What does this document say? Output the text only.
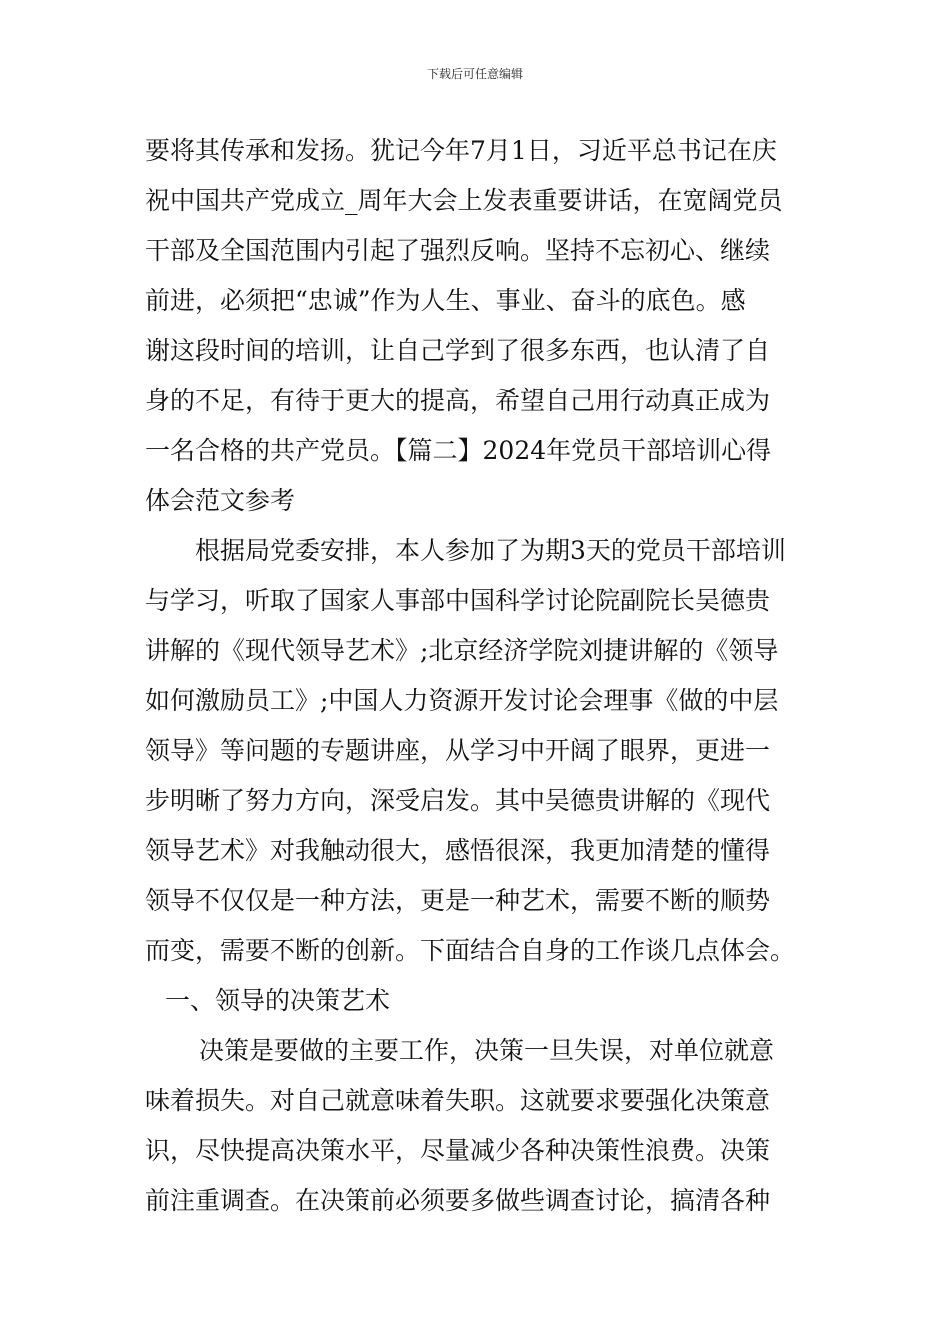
下载后可任意编辑
要将其传承和发扬。犹记今年7月1日，习近平总书记在庆
祝中国共产党成立_周年大会上发表重要讲话，在宽阔党员
干部及全国范围内引起了强烈反响。坚持不忘初心、继续
前进，必须把“忠诚”作为人生、事业、奋斗的底色。感
谢这段时间的培训，让自己学到了很多东西，也认清了自
身的不足，有待于更大的提高，希望自己用行动真正成为
一名合格的共产党员。【篇二】2024年党员干部培训心得
体会范文参考
根据局党委安排，本人参加了为期3天的党员干部培训
与学习，听取了国家人事部中国科学讨论院副院长吴德贵
讲解的《现代领导艺术》;北京经济学院刘捷讲解的《领导
如何激励员工》;中国人力资源开发讨论会理事《做的中层
领导》等问题的专题讲座，从学习中开阔了眼界，更进一
步明晰了努力方向，深受启发。其中吴德贵讲解的《现代
领导艺术》对我触动很大，感悟很深，我更加清楚的懂得
领导不仅仅是一种方法，更是一种艺术，需要不断的顺势
而变，需要不断的创新。下面结合自身的工作谈几点体会。
一、领导的决策艺术
决策是要做的主要工作，决策一旦失误，对单位就意
味着损失。对自己就意味着失职。这就要求要强化决策意
识，尽快提高决策水平，尽量减少各种决策性浪费。决策
前注重调查。在决策前必须要多做些调查讨论，搞清各种
